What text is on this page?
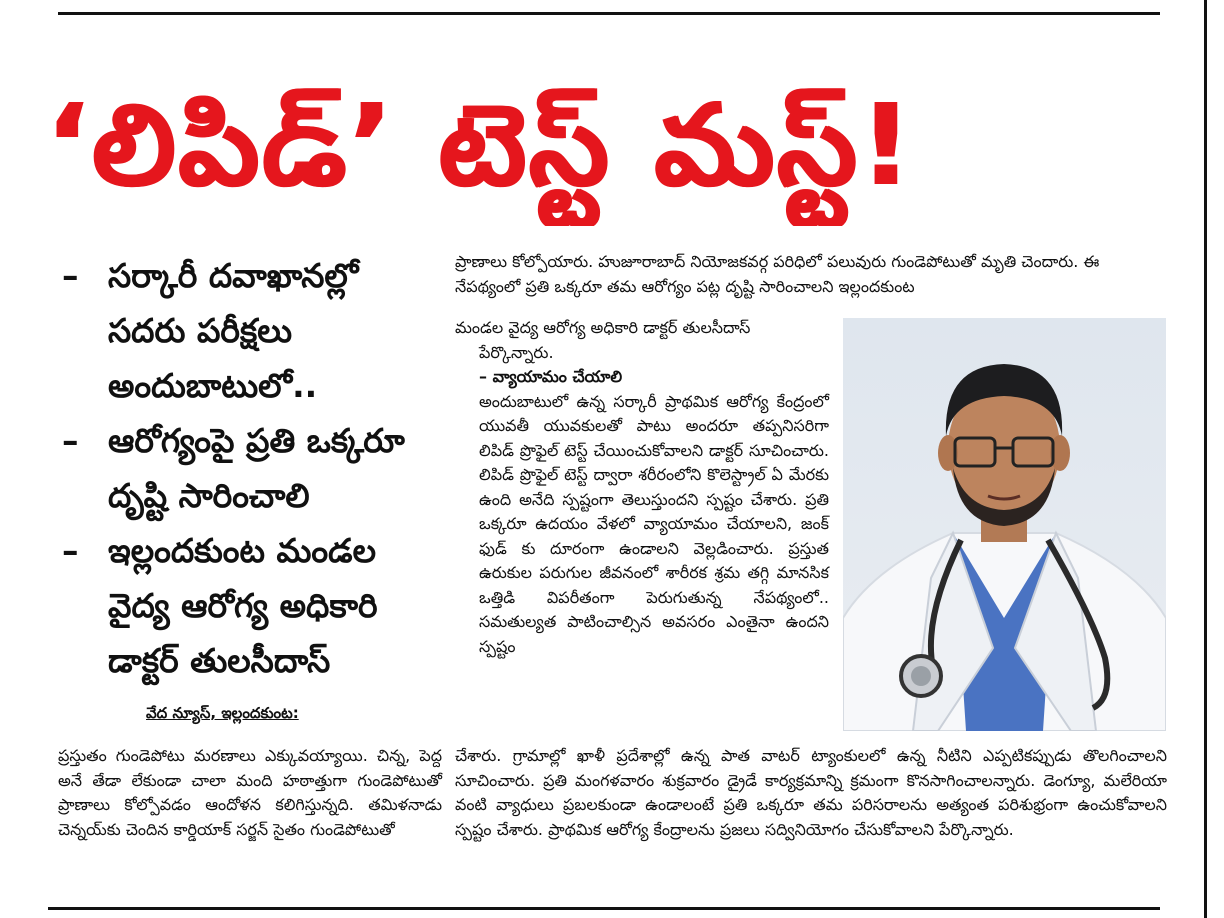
‘లిపిడ్’ టెస్ట్ మస్ట్!
– సర్కారీ దవాఖానల్లో సదరు పరీక్షలు అందుబాటులో..
– ఆరోగ్యంపై ప్రతి ఒక్కరూ దృష్టి సారించాలి
– ఇల్లందకుంట మండల వైద్య ఆరోగ్య అధికారి డాక్టర్ తులసీదాస్
వేద న్యూస్, ఇల్లందకుంట:

ప్రస్తుతం గుండెపోటు మరణాలు ఎక్కువయ్యాయి. చిన్న, పెద్ద అనే తేడా లేకుండా చాలా మంది హఠాత్తుగా గుండెపోటుతో ప్రాణాలు కోల్పోవడం ఆందోళన కలిగిస్తున్నది. తమిళనాడు చెన్నయ్‌కు చెందిన కార్డియాక్ సర్జన్ సైతం గుండెపోటుతో

ప్రాణాలు కోల్పోయారు. హుజూరాబాద్ నియోజకవర్గ పరిధిలో పలువురు గుండెపోటుతో మృతి చెందారు. ఈ నేపథ్యంలో ప్రతి ఒక్కరూ తమ ఆరోగ్యం పట్ల దృష్టి సారించాలని ఇల్లందకుంట

మండల వైద్య ఆరోగ్య అధికారి డాక్టర్ తులసీదాస్

పేర్కొన్నారు.

– వ్యాయామం చేయాలి

అందుబాటులో ఉన్న సర్కారీ ప్రాథమిక ఆరోగ్య కేంద్రంలో యువతీ యువకులతో పాటు అందరూ తప్పనిసరిగా లిపిడ్ ప్రొఫైల్ టెస్ట్ చేయించుకోవాలని డాక్టర్ సూచించారు. లిపిడ్ ప్రొఫైల్ టెస్ట్ ద్వారా శరీరంలోని కొలెస్ట్రాల్ ఏ మేరకు ఉంది అనేది స్పష్టంగా తెలుస్తుందని స్పష్టం చేశారు. ప్రతి ఒక్కరూ ఉదయం వేళలో వ్యాయామం చేయాలని, జంక్ ఫుడ్ కు దూరంగా ఉండాలని వెల్లడించారు. ప్రస్తుత ఉరుకుల పరుగుల జీవనంలో శారీరక శ్రమ తగ్గి మానసిక ఒత్తిడి విపరీతంగా పెరుగుతున్న నేపథ్యంలో.. సమతుల్యత పాటించాల్సిన అవసరం ఎంతైనా ఉందని స్పష్టం

చేశారు. గ్రామాల్లో ఖాళీ ప్రదేశాల్లో ఉన్న పాత వాటర్ ట్యాంకులలో ఉన్న నీటిని ఎప్పటికప్పుడు తొలగించాలని సూచించారు. ప్రతి మంగళవారం శుక్రవారం డ్రైడే కార్యక్రమాన్ని క్రమంగా కొనసాగించాలన్నారు. డెంగ్యూ, మలేరియా వంటి వ్యాధులు ప్రబలకుండా ఉండాలంటే ప్రతి ఒక్కరూ తమ పరిసరాలను అత్యంత పరిశుభ్రంగా ఉంచుకోవాలని స్పష్టం చేశారు. ప్రాథమిక ఆరోగ్య కేంద్రాలను ప్రజలు సద్వినియోగం చేసుకోవాలని పేర్కొన్నారు.
